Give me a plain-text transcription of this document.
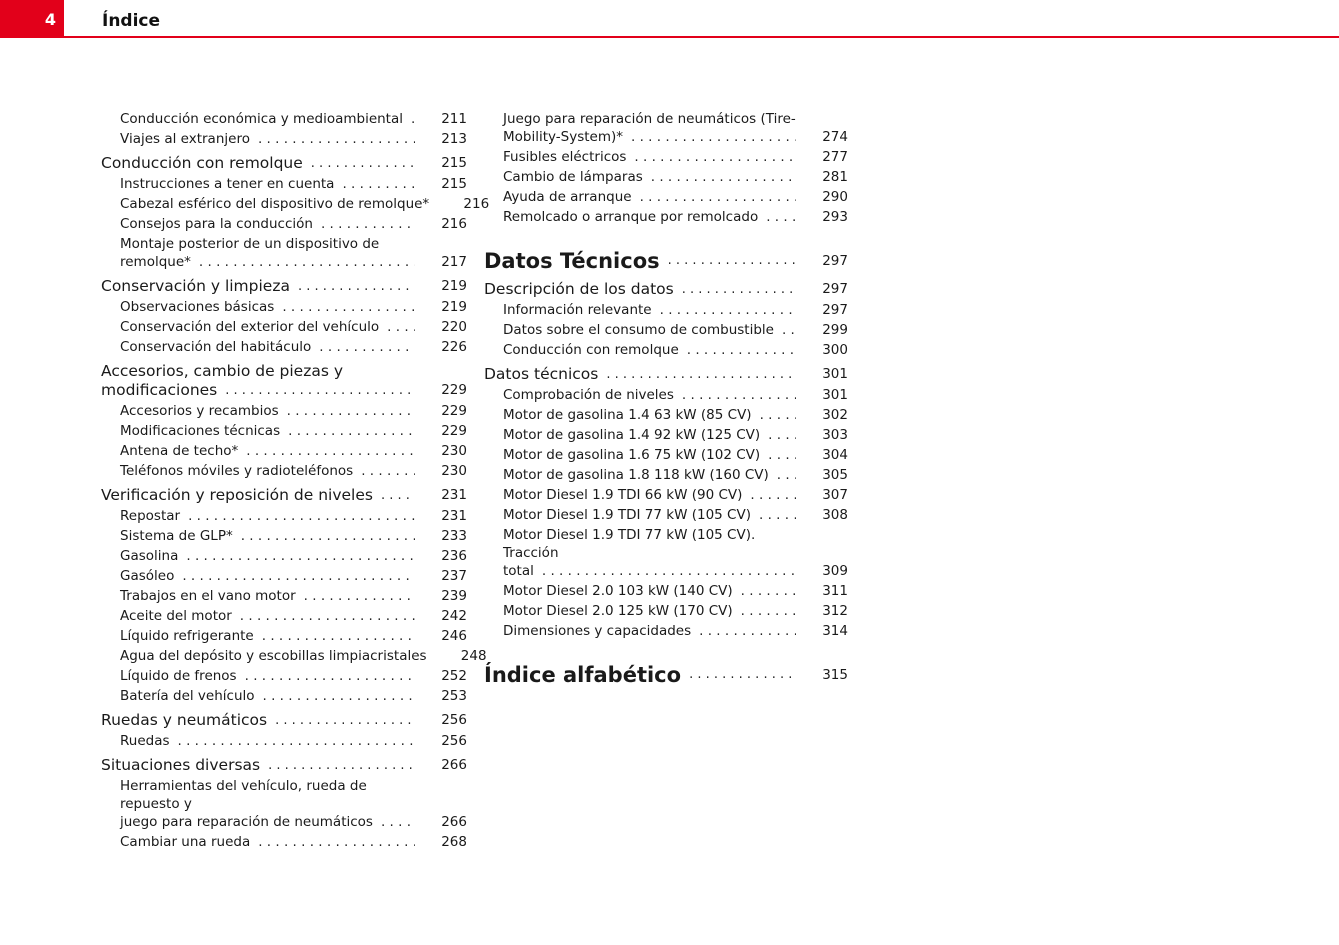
4	Índice
Conducción económica y medioambiental . . .	211
Viajes al extranjero . . .	213
Conducción con remolque . . .	215
Instrucciones a tener en cuenta . . .	215
Cabezal esférico del dispositivo de remolque*	216
Consejos para la conducción . . .	216
Montaje posterior de un dispositivo de
remolque* . . .	217
Conservación y limpieza . . .	219
Observaciones básicas . . .	219
Conservación del exterior del vehículo . . .	220
Conservación del habitáculo . . .	226
Accesorios, cambio de piezas y
modificaciones . . .	229
Accesorios y recambios . . .	229
Modificaciones técnicas . . .	229
Antena de techo* . . .	230
Teléfonos móviles y radioteléfonos . . .	230
Verificación y reposición de niveles . . .	231
Repostar . . .	231
Sistema de GLP* . . .	233
Gasolina . . .	236
Gasóleo . . .	237
Trabajos en el vano motor . . .	239
Aceite del motor . . .	242
Líquido refrigerante . . .	246
Agua del depósito y escobillas limpiacristales	248
Líquido de frenos . . .	252
Batería del vehículo . . .	253
Ruedas y neumáticos . . .	256
Ruedas . . .	256
Situaciones diversas . . .	266
Herramientas del vehículo, rueda de repuesto y
juego para reparación de neumáticos . . .	266
Cambiar una rueda . . .	268
Juego para reparación de neumáticos (Tire-
Mobility-System)* . . .	274
Fusibles eléctricos . . .	277
Cambio de lámparas . . .	281
Ayuda de arranque . . .	290
Remolcado o arranque por remolcado . . .	293
Datos Técnicos . . .	297
Descripción de los datos . . .	297
Información relevante . . .	297
Datos sobre el consumo de combustible . . .	299
Conducción con remolque . . .	300
Datos técnicos . . .	301
Comprobación de niveles . . .	301
Motor de gasolina 1.4 63 kW (85 CV) . . .	302
Motor de gasolina 1.4 92 kW (125 CV) . . .	303
Motor de gasolina 1.6 75 kW (102 CV) . . .	304
Motor de gasolina 1.8 118 kW (160 CV) . . .	305
Motor Diesel 1.9 TDI 66 kW (90 CV) . . .	307
Motor Diesel 1.9 TDI 77 kW (105 CV) . . .	308
Motor Diesel 1.9 TDI 77 kW (105 CV). Tracción
total . . .	309
Motor Diesel 2.0 103 kW (140 CV) . . .	311
Motor Diesel 2.0 125 kW (170 CV) . . .	312
Dimensiones y capacidades . . .	314
Índice alfabético . . .	315
